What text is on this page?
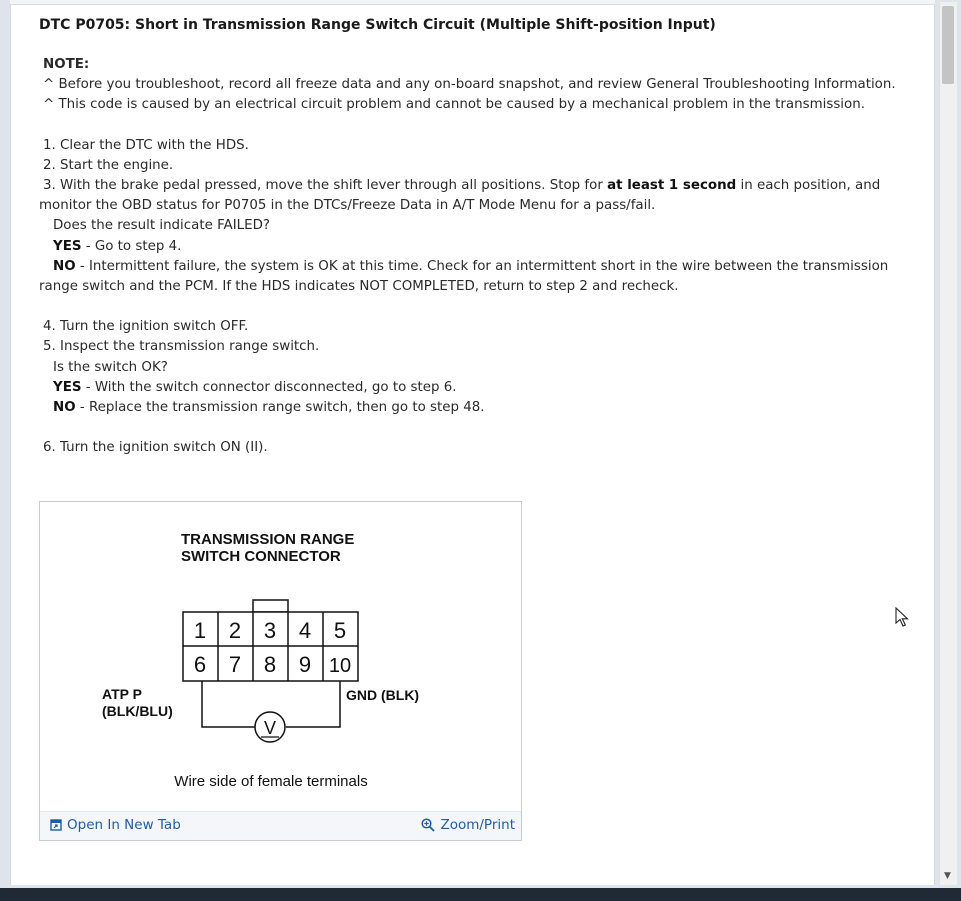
DTC P0705: Short in Transmission Range Switch Circuit (Multiple Shift-position Input)

NOTE:

^ Before you troubleshoot, record all freeze data and any on-board snapshot, and review General Troubleshooting Information.

^ This code is caused by an electrical circuit problem and cannot be caused by a mechanical problem in the transmission.

1. Clear the DTC with the HDS.

2. Start the engine.

3. With the brake pedal pressed, move the shift lever through all positions. Stop for at least 1 second in each position, and monitor the OBD status for P0705 in the DTCs/Freeze Data in A/T Mode Menu for a pass/fail.

Does the result indicate FAILED?

YES - Go to step 4.

NO - Intermittent failure, the system is OK at this time. Check for an intermittent short in the wire between the transmission range switch and the PCM. If the HDS indicates NOT COMPLETED, return to step 2 and recheck.

4. Turn the ignition switch OFF.

5. Inspect the transmission range switch.

Is the switch OK?

YES - With the switch connector disconnected, go to step 6.

NO - Replace the transmission range switch, then go to step 48.

6. Turn the ignition switch ON (II).

TRANSMISSION RANGE
SWITCH CONNECTOR
1 2 3 4 5
6 7 8 9 10
V
ATP P
(BLK/BLU)
GND (BLK)
Wire side of female terminals
Open In New Tab	Zoom/Print
▼
